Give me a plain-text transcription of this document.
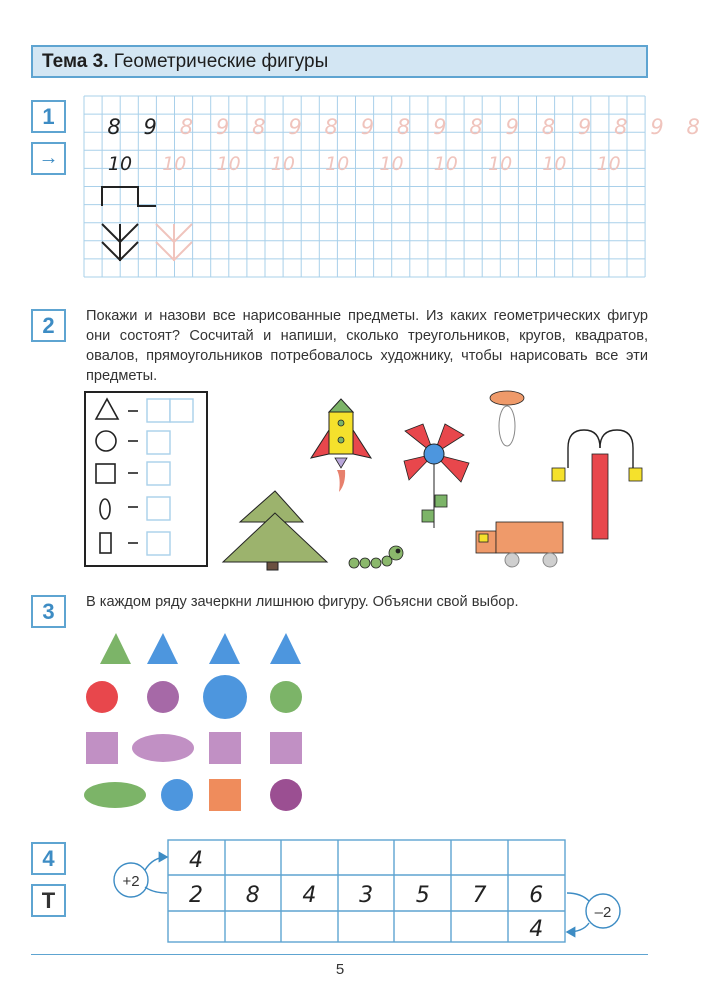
Тема 3. Геометрические фигуры
1
→
8 9 8 9 8 9 8 9 8 9 8 9 8 9 8 9 8
10 10 10 10 10 10 10 10 10 10
2	Покажи и назови все нарисованные предметы. Из каких геометрических фигур они состоят? Сосчитай и напиши, сколько треугольников, кругов, квадратов, овалов, прямоугольников потребовалось художнику, чтобы нарисовать все эти предметы.
3	В каждом ряду зачеркни лишнюю фигуру. Объясни свой выбор.
4
Т
4
2 8 4 3 5 7 6
4
+2
–2
5
